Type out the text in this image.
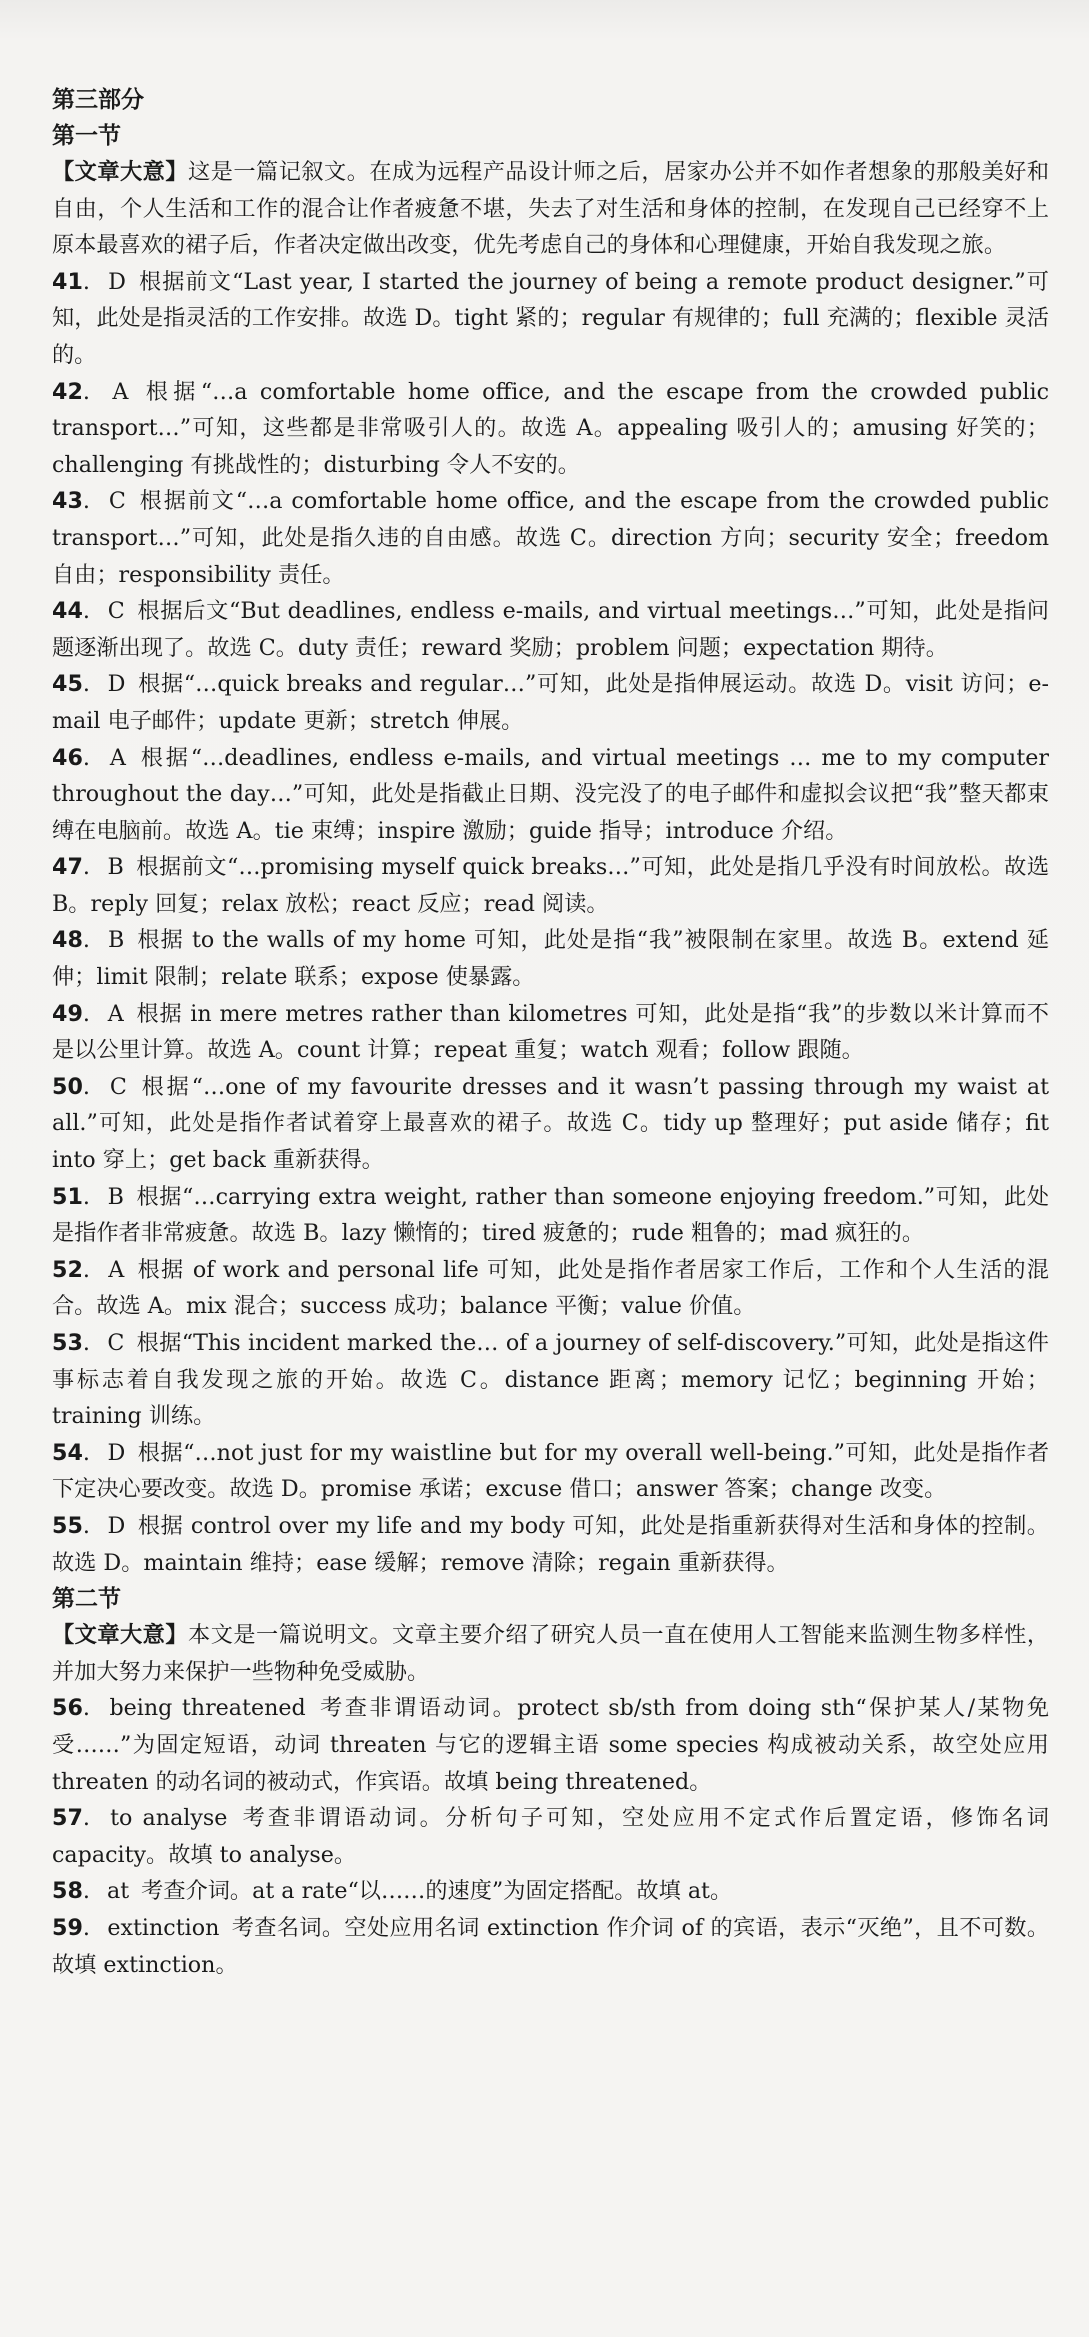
第三部分
第一节

【文章大意】这是一篇记叙文。在成为远程产品设计师之后，居家办公并不如作者想象的那般美好和自由，个人生活和工作的混合让作者疲惫不堪，失去了对生活和身体的控制，在发现自己已经穿不上原本最喜欢的裙子后，作者决定做出改变，优先考虑自己的身体和心理健康，开始自我发现之旅。

41. D 根据前文“Last year, I started the journey of being a remote product designer.”可知，此处是指灵活的工作安排。故选 D。tight 紧的；regular 有规律的；full 充满的；flexible 灵活的。

42. A 根据“…a comfortable home office, and the escape from the crowded public transport…”可知，这些都是非常吸引人的。故选 A。appealing 吸引人的；amusing 好笑的；challenging 有挑战性的；disturbing 令人不安的。

43. C 根据前文“…a comfortable home office, and the escape from the crowded public transport…”可知，此处是指久违的自由感。故选 C。direction 方向；security 安全；freedom 自由；responsibility 责任。

44. C 根据后文“But deadlines, endless e-mails, and virtual meetings…”可知，此处是指问题逐渐出现了。故选 C。duty 责任；reward 奖励；problem 问题；expectation 期待。

45. D 根据“…quick breaks and regular…”可知，此处是指伸展运动。故选 D。visit 访问；e-mail 电子邮件；update 更新；stretch 伸展。

46. A 根据“…deadlines, endless e-mails, and virtual meetings … me to my computer throughout the day…”可知，此处是指截止日期、没完没了的电子邮件和虚拟会议把“我”整天都束缚在电脑前。故选 A。tie 束缚；inspire 激励；guide 指导；introduce 介绍。

47. B 根据前文“…promising myself quick breaks…”可知，此处是指几乎没有时间放松。故选 B。reply 回复；relax 放松；react 反应；read 阅读。

48. B 根据 to the walls of my home 可知，此处是指“我”被限制在家里。故选 B。extend 延伸；limit 限制；relate 联系；expose 使暴露。

49. A 根据 in mere metres rather than kilometres 可知，此处是指“我”的步数以米计算而不是以公里计算。故选 A。count 计算；repeat 重复；watch 观看；follow 跟随。

50. C 根据“…one of my favourite dresses and it wasn’t passing through my waist at all.”可知，此处是指作者试着穿上最喜欢的裙子。故选 C。tidy up 整理好；put aside 储存；fit into 穿上；get back 重新获得。

51. B 根据“…carrying extra weight, rather than someone enjoying freedom.”可知，此处是指作者非常疲惫。故选 B。lazy 懒惰的；tired 疲惫的；rude 粗鲁的；mad 疯狂的。

52. A 根据 of work and personal life 可知，此处是指作者居家工作后，工作和个人生活的混合。故选 A。mix 混合；success 成功；balance 平衡；value 价值。

53. C 根据“This incident marked the… of a journey of self-discovery.”可知，此处是指这件事标志着自我发现之旅的开始。故选 C。distance 距离；memory 记忆；beginning 开始；training 训练。

54. D 根据“…not just for my waistline but for my overall well-being.”可知，此处是指作者下定决心要改变。故选 D。promise 承诺；excuse 借口；answer 答案；change 改变。

55. D 根据 control over my life and my body 可知，此处是指重新获得对生活和身体的控制。故选 D。maintain 维持；ease 缓解；remove 清除；regain 重新获得。

第二节

【文章大意】本文是一篇说明文。文章主要介绍了研究人员一直在使用人工智能来监测生物多样性，并加大努力来保护一些物种免受威胁。

56. being threatened 考查非谓语动词。protect sb/sth from doing sth“保护某人/某物免受……”为固定短语，动词 threaten 与它的逻辑主语 some species 构成被动关系，故空处应用 threaten 的动名词的被动式，作宾语。故填 being threatened。

57. to analyse 考查非谓语动词。分析句子可知，空处应用不定式作后置定语，修饰名词 capacity。故填 to analyse。

58. at 考查介词。at a rate“以……的速度”为固定搭配。故填 at。

59. extinction 考查名词。空处应用名词 extinction 作介词 of 的宾语，表示“灭绝”，且不可数。故填 extinction。
